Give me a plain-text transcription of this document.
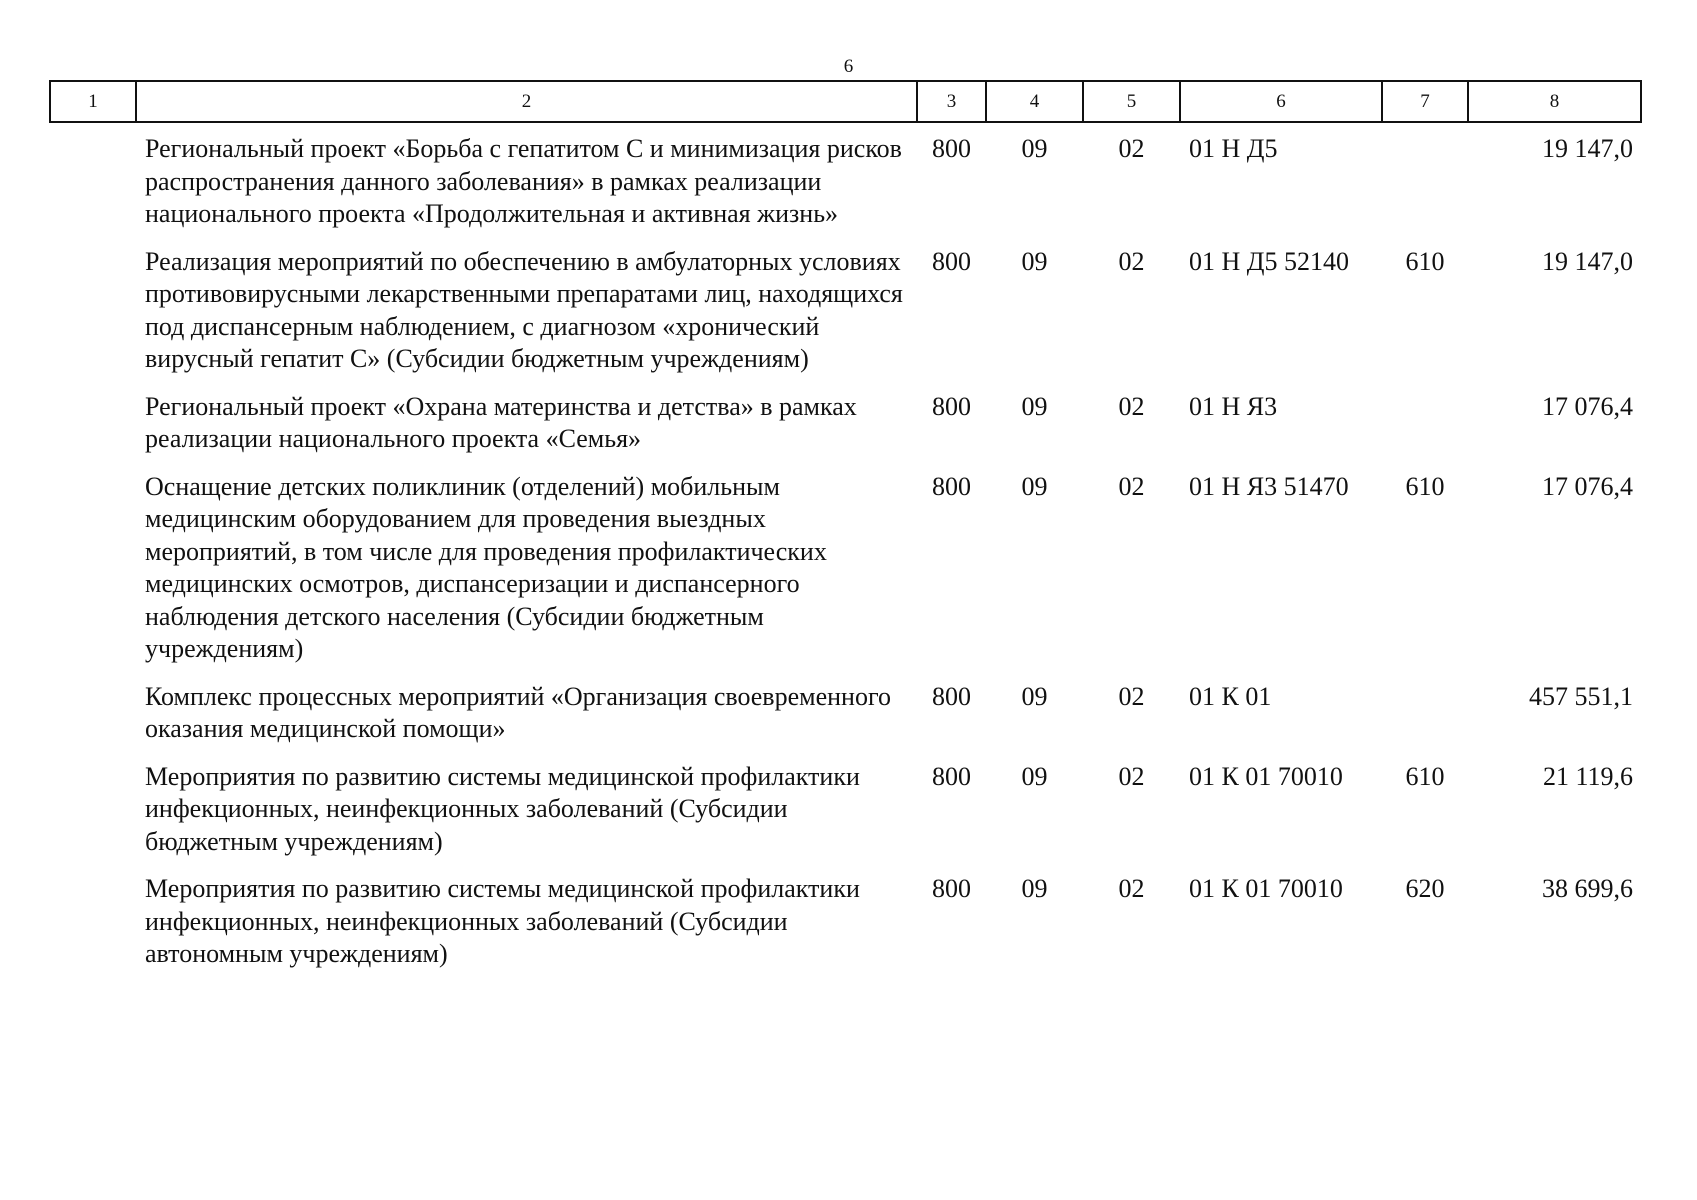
6
1	2	3	4	5	6	7	8
	Региональный проект «Борьба с гепатитом С и минимизация рисков распространения данного заболевания» в рамках реализации национального проекта «Продолжительная и активная жизнь»	800	09	02	01 Н Д5		19 147,0
	Реализация мероприятий по обеспечению в амбулаторных условиях противовирусными лекарственными препаратами лиц, находящихся под диспансерным наблюдением, с диагнозом «хронический вирусный гепатит С» (Субсидии бюджетным учреждениям)	800	09	02	01 Н Д5 52140	610	19 147,0
	Региональный проект «Охрана материнства и детства» в рамках реализации национального проекта «Семья»	800	09	02	01 Н Я3		17 076,4
	Оснащение детских поликлиник (отделений) мобильным медицинским оборудованием для проведения выездных мероприятий, в том числе для проведения профилактических медицинских осмотров, диспансеризации и диспансерного наблюдения детского населения (Субсидии бюджетным учреждениям)	800	09	02	01 Н Я3 51470	610	17 076,4
	Комплекс процессных мероприятий «Организация своевременного оказания медицинской помощи»	800	09	02	01 К 01		457 551,1
	Мероприятия по развитию системы медицинской профилактики инфекционных, неинфекционных заболеваний (Субсидии бюджетным учреждениям)	800	09	02	01 К 01 70010	610	21 119,6
	Мероприятия по развитию системы медицинской профилактики инфекционных, неинфекционных заболеваний (Субсидии автономным учреждениям)	800	09	02	01 К 01 70010	620	38 699,6
